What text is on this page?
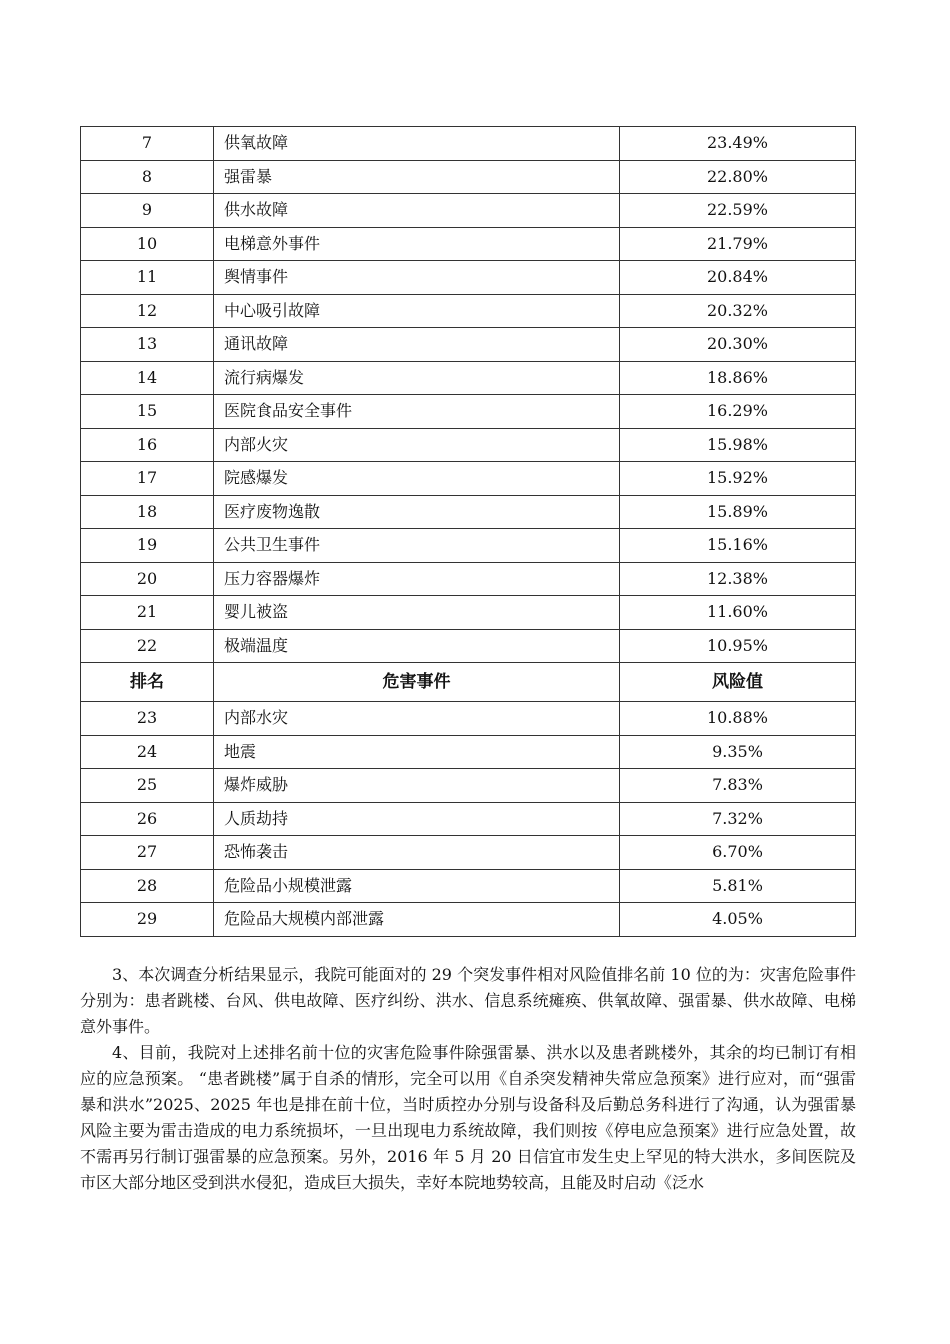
7	供氧故障	23.49%
8	强雷暴	22.80%
9	供水故障	22.59%
10	电梯意外事件	21.79%
11	舆情事件	20.84%
12	中心吸引故障	20.32%
13	通讯故障	20.30%
14	流行病爆发	18.86%
15	医院食品安全事件	16.29%
16	内部火灾	15.98%
17	院感爆发	15.92%
18	医疗废物逸散	15.89%
19	公共卫生事件	15.16%
20	压力容器爆炸	12.38%
21	婴儿被盗	11.60%
22	极端温度	10.95%
排名	危害事件	风险值
23	内部水灾	10.88%
24	地震	9.35%
25	爆炸威胁	7.83%
26	人质劫持	7.32%
27	恐怖袭击	6.70%
28	危险品小规模泄露	5.81%
29	危险品大规模内部泄露	4.05%

3、本次调查分析结果显示，我院可能面对的 29 个突发事件相对风险值排名前 10 位的为：灾害危险事件分别为：患者跳楼、台风、供电故障、医疗纠纷、洪水、信息系统瘫痪、供氧故障、强雷暴、供水故障、电梯意外事件。

4、目前，我院对上述排名前十位的灾害危险事件除强雷暴、洪水以及患者跳楼外，其余的均已制订有相应的应急预案。 “患者跳楼”属于自杀的情形，完全可以用《自杀突发精神失常应急预案》进行应对，而“强雷暴和洪水”2025、2025 年也是排在前十位，当时质控办分别与设备科及后勤总务科进行了沟通，认为强雷暴风险主要为雷击造成的电力系统损坏，一旦出现电力系统故障，我们则按《停电应急预案》进行应急处置，故不需再另行制订强雷暴的应急预案。另外，2016 年 5 月 20 日信宜市发生史上罕见的特大洪水，多间医院及市区大部分地区受到洪水侵犯，造成巨大损失，幸好本院地势较高，且能及时启动《泛水
